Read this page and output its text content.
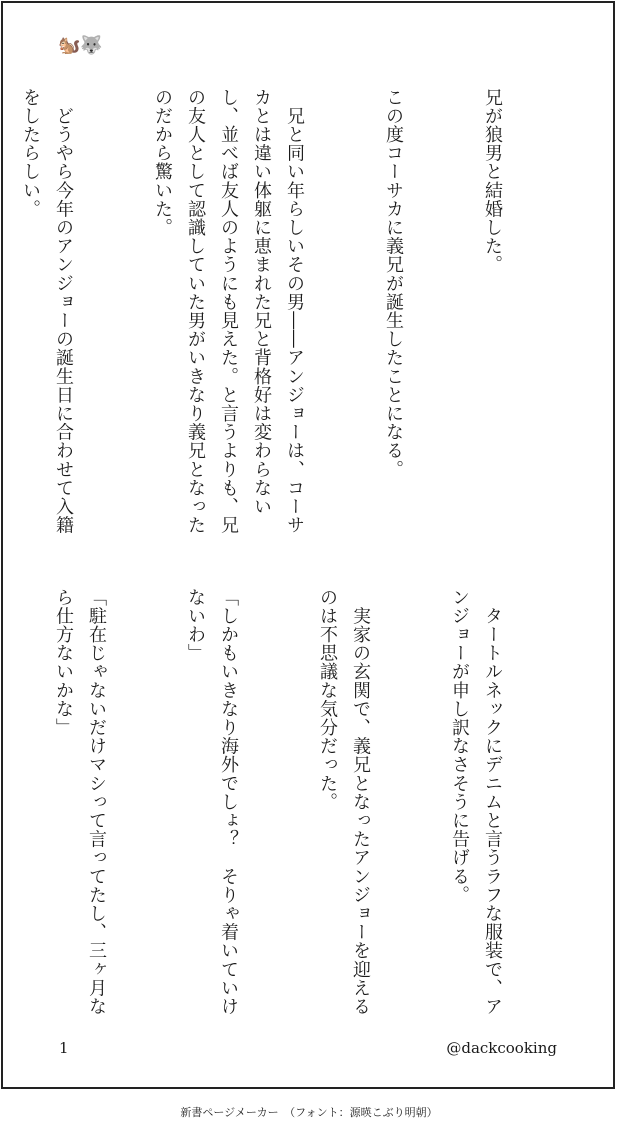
🐿️ 🐺

兄が狼男と結婚した。

この度コーサカに義兄が誕生したことになる。

　兄と同い年らしいその男――アンジョーは、コーサカとは違い体躯に恵まれた兄と背格好は変わらないし、並べば友人のようにも見えた。と言うよりも、兄の友人として認識していた男がいきなり義兄となったのだから驚いた。

　どうやら今年のアンジョーの誕生日に合わせて入籍をしたらしい。

　タートルネックにデニムと言うラフな服装で、アンジョーが申し訳なさそうに告げる。

　実家の玄関で、義兄となったアンジョーを迎えるのは不思議な気分だった。

「しかもいきなり海外でしょ？　そりゃ着いていけないわ」

「駐在じゃないだけマシって言ってたし、三ヶ月なら仕方ないかな」

1	@dackcooking
新書ページメーカー　（フォント：源暎こぶり明朝）
